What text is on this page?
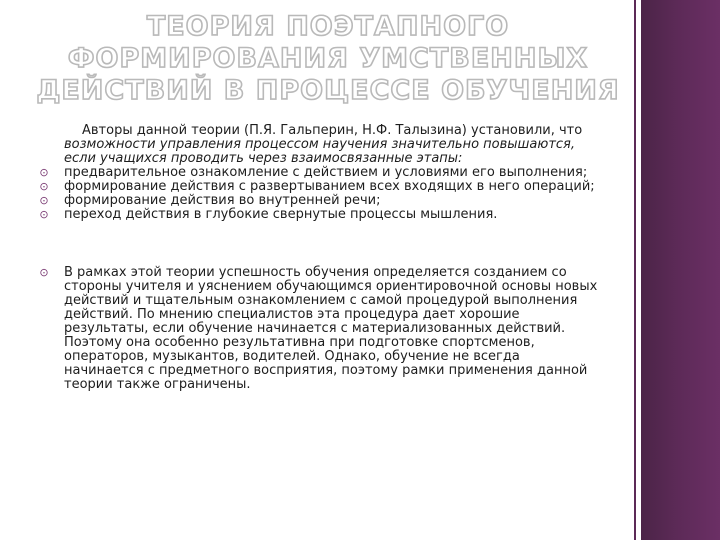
ТЕОРИЯ ПОЭТАПНОГО ФОРМИРОВАНИЯ УМСТВЕННЫХ ДЕЙСТВИЙ В ПРОЦЕССЕ ОБУЧЕНИЯ

Авторы данной теории (П.Я. Гальперин, Н.Ф. Талызина) установили, что возможности управления процессом научения значительно повышаются, если учащихся проводить через взаимосвязанные этапы:

⊙ предварительное ознакомление с действием и условиями его выполнения;
⊙ формирование действия с развертыванием всех входящих в него операций;
⊙ формирование действия во внутренней речи;
⊙ переход действия в глубокие свернутые процессы мышления.
⊙ В рамках этой теории успешность обучения определяется созданием со стороны учителя и уяснением обучающимся ориентировочной основы новых действий и тщательным ознакомлением с самой процедурой выполнения действий. По мнению специалистов эта процедура дает хорошие результаты, если обучение начинается с материализованных действий. Поэтому она особенно результативна при подготовке спортсменов, операторов, музыкантов, водителей. Однако, обучение не всегда начинается с предметного восприятия, поэтому рамки применения данной теории также ограничены.
